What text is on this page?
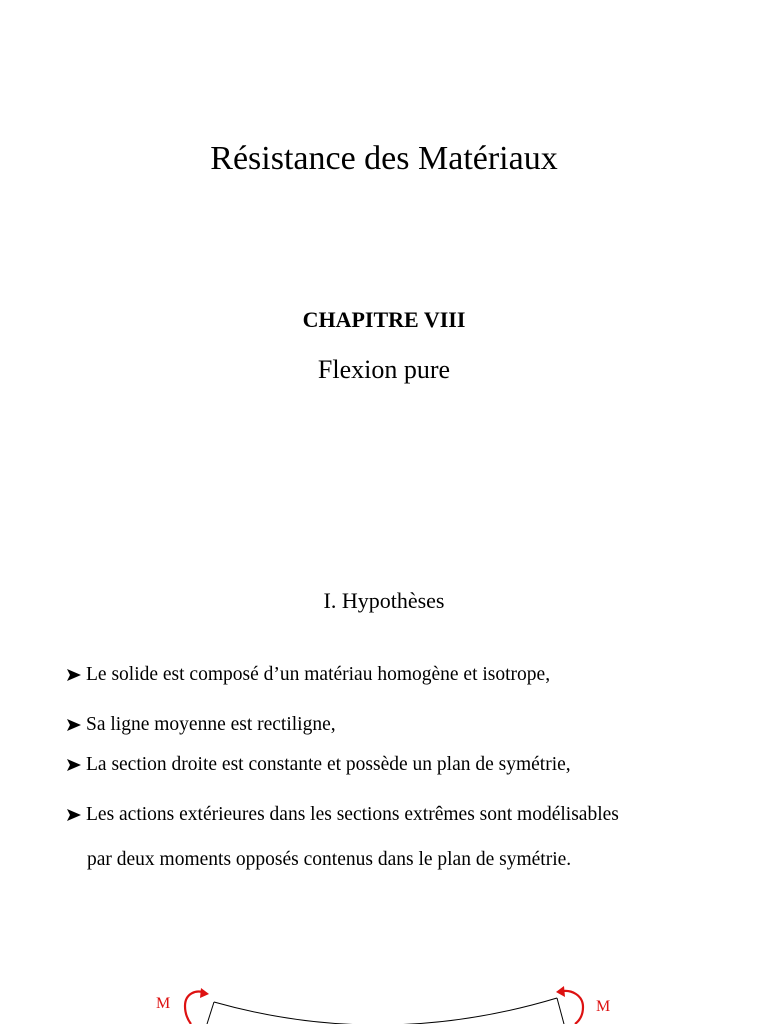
Résistance des Matériaux
CHAPITRE VIII
Flexion pure
I. Hypothèses
Le solide est composé d’un matériau homogène et isotrope,
Sa ligne moyenne est rectiligne,
La section droite est constante et possède un plan de symétrie,
Les actions extérieures dans les sections extrêmes sont modélisables
par deux moments opposés contenus dans le plan de symétrie.
M	M
